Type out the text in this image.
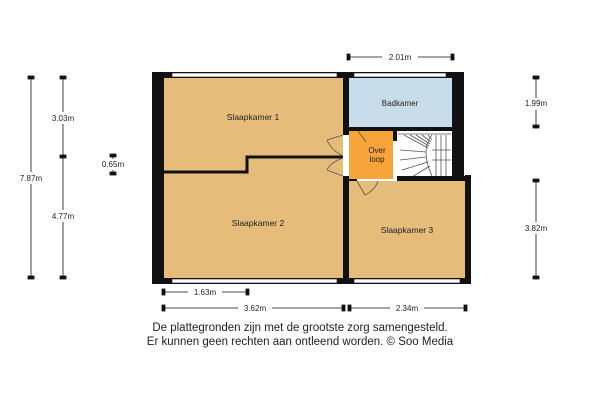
Slaapkamer 1
Slaapkamer 2
Slaapkamer 3
Badkamer
Over
loop
2.01m
7.87m
3.03m
4.77m
0.65m
1.99m
3.82m
1.63m
3.62m	2.34m
De plattegronden zijn met de grootste zorg samengesteld.
Er kunnen geen rechten aan ontleend worden. © Soo Media
